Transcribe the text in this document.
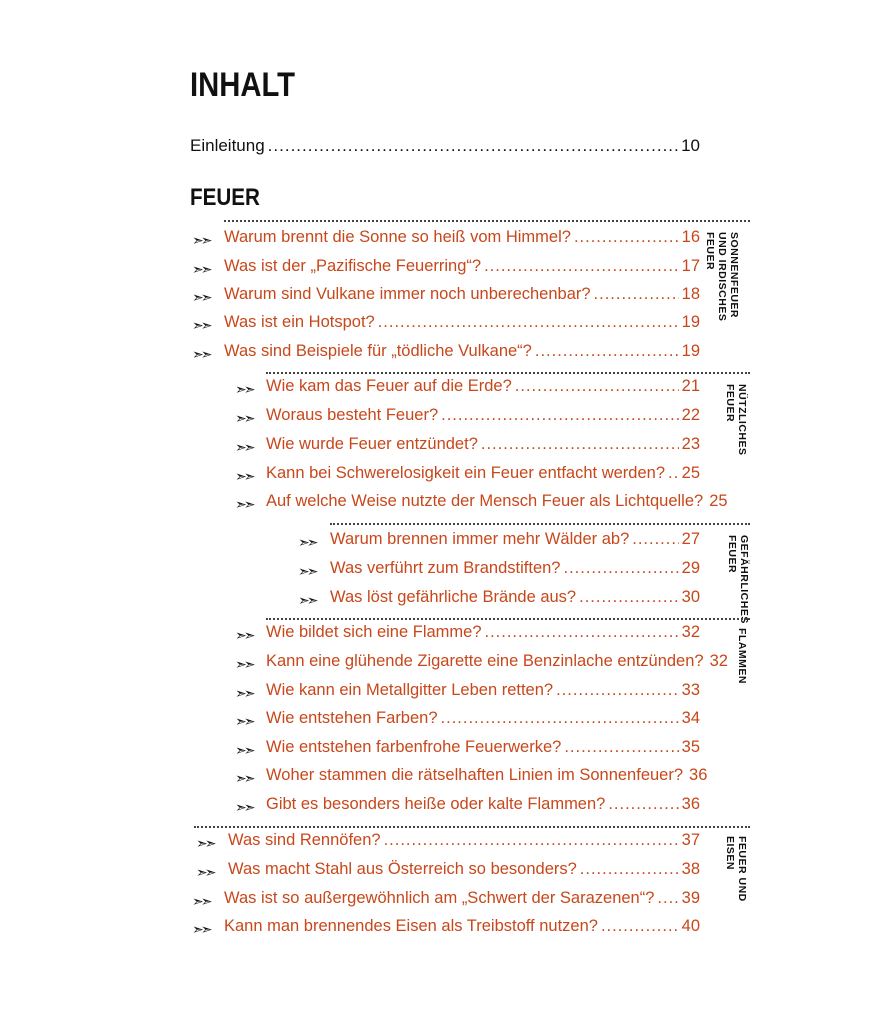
INHALT
Einleitung .....	10
FEUER
SONNENFEUER UND IRDISCHES FEUER
➣➣ Warum brennt die Sonne so heiß vom Himmel? .....	16
➣➣ Was ist der „Pazifische Feuerring“? .....	17
➣➣ Warum sind Vulkane immer noch unberechenbar? .....	18
➣➣ Was ist ein Hotspot? .....	19
➣➣ Was sind Beispiele für „tödliche Vulkane“? .....	19
NÜTZLICHES FEUER
➣➣ Wie kam das Feuer auf die Erde? .....	21
➣➣ Woraus besteht Feuer? .....	22
➣➣ Wie wurde Feuer entzündet? .....	23
➣➣ Kann bei Schwerelosigkeit ein Feuer entfacht werden? ..... 25
➣➣ Auf welche Weise nutzte der Mensch Feuer als Lichtquelle? 25
GEFÄHRLICHES FEUER
➣➣ Warum brennen immer mehr Wälder ab? .....	27
➣➣ Was verführt zum Brandstiften? .....	29
➣➣ Was löst gefährliche Brände aus? .....	30
FLAMMEN
➣➣ Wie bildet sich eine Flamme? .....	32
➣➣ Kann eine glühende Zigarette eine Benzinlache entzünden? 32
➣➣ Wie kann ein Metallgitter Leben retten? .....	33
➣➣ Wie entstehen Farben? .....	34
➣➣ Wie entstehen farbenfrohe Feuerwerke? .....	35
➣➣ Woher stammen die rätselhaften Linien im Sonnenfeuer? 36
➣➣ Gibt es besonders heiße oder kalte Flammen? .....	36
FEUER UND EISEN
➣➣ Was sind Rennöfen? .....	37
➣➣ Was macht Stahl aus Österreich so besonders? .....	38
➣➣ Was ist so außergewöhnlich am „Schwert der Sarazenen“? ..... 39
➣➣ Kann man brennendes Eisen als Treibstoff nutzen? .....	40
